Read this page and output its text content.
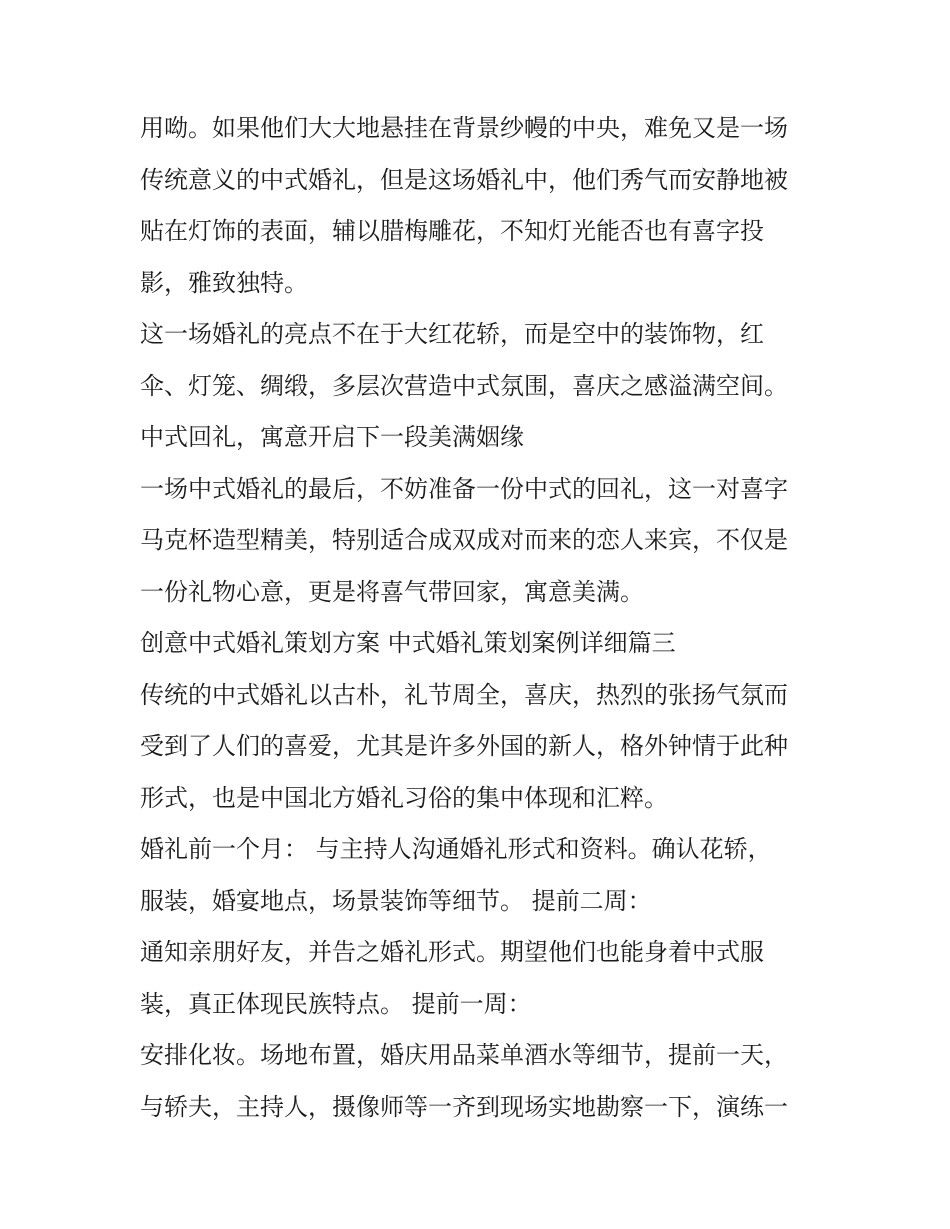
用呦。如果他们大大地悬挂在背景纱幔的中央，难免又是一场
传统意义的中式婚礼，但是这场婚礼中，他们秀气而安静地被
贴在灯饰的表面，辅以腊梅雕花，不知灯光能否也有喜字投
影，雅致独特。
这一场婚礼的亮点不在于大红花轿，而是空中的装饰物，红
伞、灯笼、绸缎，多层次营造中式氛围，喜庆之感溢满空间。
中式回礼，寓意开启下一段美满姻缘
一场中式婚礼的最后，不妨准备一份中式的回礼，这一对喜字
马克杯造型精美，特别适合成双成对而来的恋人来宾，不仅是
一份礼物心意，更是将喜气带回家，寓意美满。
创意中式婚礼策划方案 中式婚礼策划案例详细篇三
传统的中式婚礼以古朴，礼节周全，喜庆，热烈的张扬气氛而
受到了人们的喜爱，尤其是许多外国的新人，格外钟情于此种
形式，也是中国北方婚礼习俗的集中体现和汇粹。
婚礼前一个月： 与主持人沟通婚礼形式和资料。确认花轿，
服装，婚宴地点，场景装饰等细节。 提前二周：
通知亲朋好友，并告之婚礼形式。期望他们也能身着中式服
装，真正体现民族特点。 提前一周：
安排化妆。场地布置，婚庆用品菜单酒水等细节，提前一天，
与轿夫，主持人，摄像师等一齐到现场实地勘察一下，演练一
